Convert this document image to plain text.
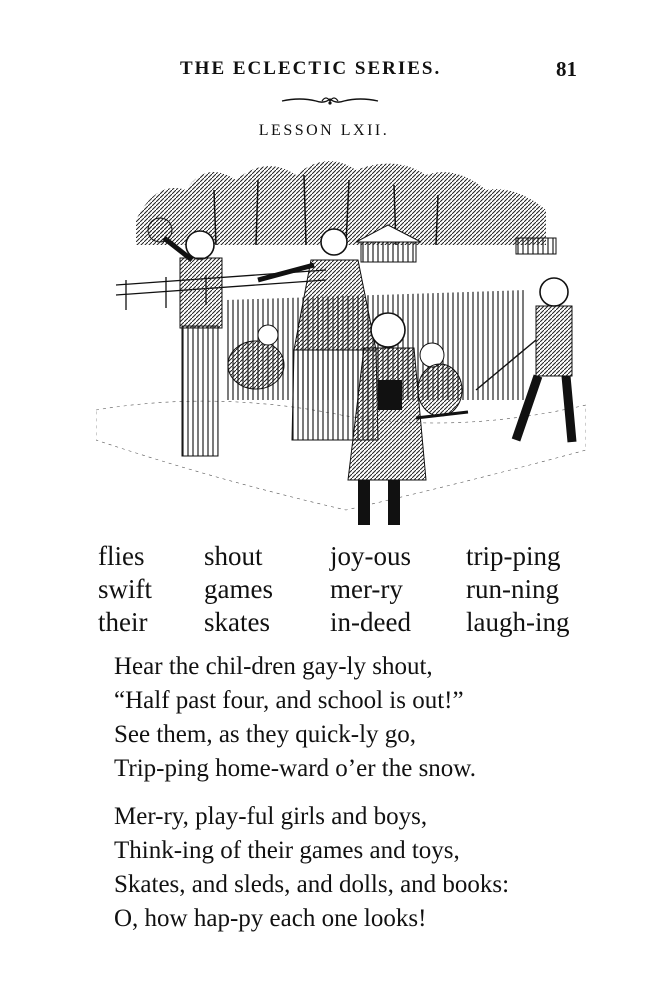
THE ECLECTIC SERIES.	81
LESSON LXII.
flies shout joy-ous trip-ping
swift games mer-ry run-ning
their skates in-deed laugh-ing
Hear the chil-dren gay-ly shout,
“Half past four, and school is out!”
See them, as they quick-ly go,
Trip-ping home-ward o’er the snow.
Mer-ry, play-ful girls and boys,
Think-ing of their games and toys,
Skates, and sleds, and dolls, and books:
O, how hap-py each one looks!
